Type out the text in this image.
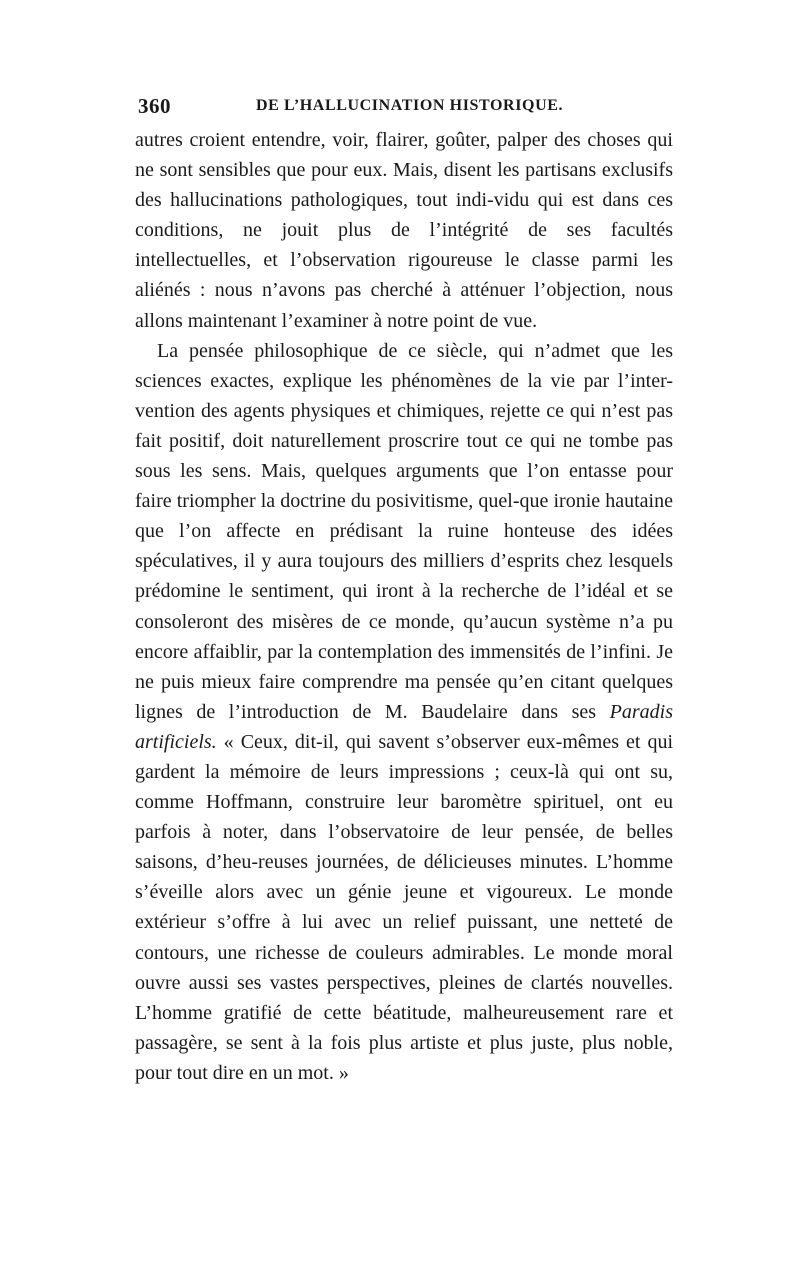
360	DE L’HALLUCINATION HISTORIQUE.

autres croient entendre, voir, flairer, goûter, palper des choses qui ne sont sensibles que pour eux. Mais, disent les partisans exclusifs des hallucinations pathologiques, tout indi-vidu qui est dans ces conditions, ne jouit plus de l’intégrité de ses facultés intellectuelles, et l’observation rigoureuse le classe parmi les aliénés : nous n’avons pas cherché à atténuer l’objection, nous allons maintenant l’examiner à notre point de vue.

La pensée philosophique de ce siècle, qui n’admet que les sciences exactes, explique les phénomènes de la vie par l’inter-vention des agents physiques et chimiques, rejette ce qui n’est pas fait positif, doit naturellement proscrire tout ce qui ne tombe pas sous les sens. Mais, quelques arguments que l’on entasse pour faire triompher la doctrine du posivitisme, quel-que ironie hautaine que l’on affecte en prédisant la ruine honteuse des idées spéculatives, il y aura toujours des milliers d’esprits chez lesquels prédomine le sentiment, qui iront à la recherche de l’idéal et se consoleront des misères de ce monde, qu’aucun système n’a pu encore affaiblir, par la contemplation des immensités de l’infini. Je ne puis mieux faire comprendre ma pensée qu’en citant quelques lignes de l’introduction de M. Baudelaire dans ses Paradis artificiels. « Ceux, dit-il, qui savent s’observer eux-mêmes et qui gardent la mémoire de leurs impressions ; ceux-là qui ont su, comme Hoffmann, construire leur baromètre spirituel, ont eu parfois à noter, dans l’observatoire de leur pensée, de belles saisons, d’heu-reuses journées, de délicieuses minutes. L’homme s’éveille alors avec un génie jeune et vigoureux. Le monde extérieur s’offre à lui avec un relief puissant, une netteté de contours, une richesse de couleurs admirables. Le monde moral ouvre aussi ses vastes perspectives, pleines de clartés nouvelles. L’homme gratifié de cette béatitude, malheureusement rare et passagère, se sent à la fois plus artiste et plus juste, plus noble, pour tout dire en un mot. »
